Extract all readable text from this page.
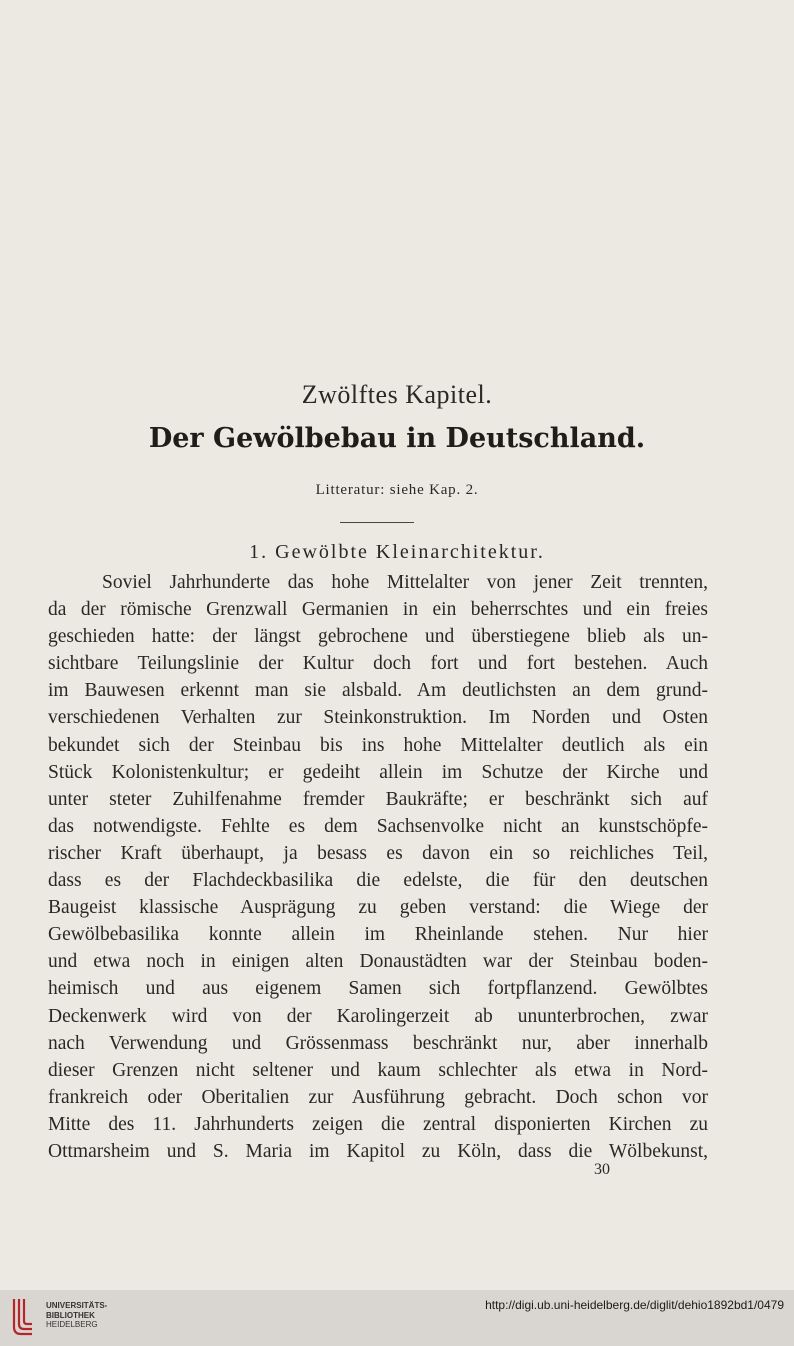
Zwölftes Kapitel.
Der Gewölbebau in Deutschland.
Litteratur: siehe Kap. 2.
1. Gewölbte Kleinarchitektur.
Soviel Jahrhunderte das hohe Mittelalter von jener Zeit trennten,
da der römische Grenzwall Germanien in ein beherrschtes und ein freies
geschieden hatte: der längst gebrochene und überstiegene blieb als un-
sichtbare Teilungslinie der Kultur doch fort und fort bestehen. Auch
im Bauwesen erkennt man sie alsbald. Am deutlichsten an dem grund-
verschiedenen Verhalten zur Steinkonstruktion. Im Norden und Osten
bekundet sich der Steinbau bis ins hohe Mittelalter deutlich als ein
Stück Kolonistenkultur; er gedeiht allein im Schutze der Kirche und
unter steter Zuhilfenahme fremder Baukräfte; er beschränkt sich auf
das notwendigste. Fehlte es dem Sachsenvolke nicht an kunstschöpfe-
rischer Kraft überhaupt, ja besass es davon ein so reichliches Teil,
dass es der Flachdeckbasilika die edelste, die für den deutschen
Baugeist klassische Ausprägung zu geben verstand: die Wiege der
Gewölbebasilika konnte allein im Rheinlande stehen. Nur hier
und etwa noch in einigen alten Donaustädten war der Steinbau boden-
heimisch und aus eigenem Samen sich fortpflanzend. Gewölbtes
Deckenwerk wird von der Karolingerzeit ab ununterbrochen, zwar
nach Verwendung und Grössenmass beschränkt nur, aber innerhalb
dieser Grenzen nicht seltener und kaum schlechter als etwa in Nord-
frankreich oder Oberitalien zur Ausführung gebracht. Doch schon vor
Mitte des 11. Jahrhunderts zeigen die zentral disponierten Kirchen zu
Ottmarsheim und S. Maria im Kapitol zu Köln, dass die Wölbekunst,
30
UNIVERSITÄTS-
BIBLIOTHEK
HEIDELBERG
http://digi.ub.uni-heidelberg.de/diglit/dehio1892bd1/0479
